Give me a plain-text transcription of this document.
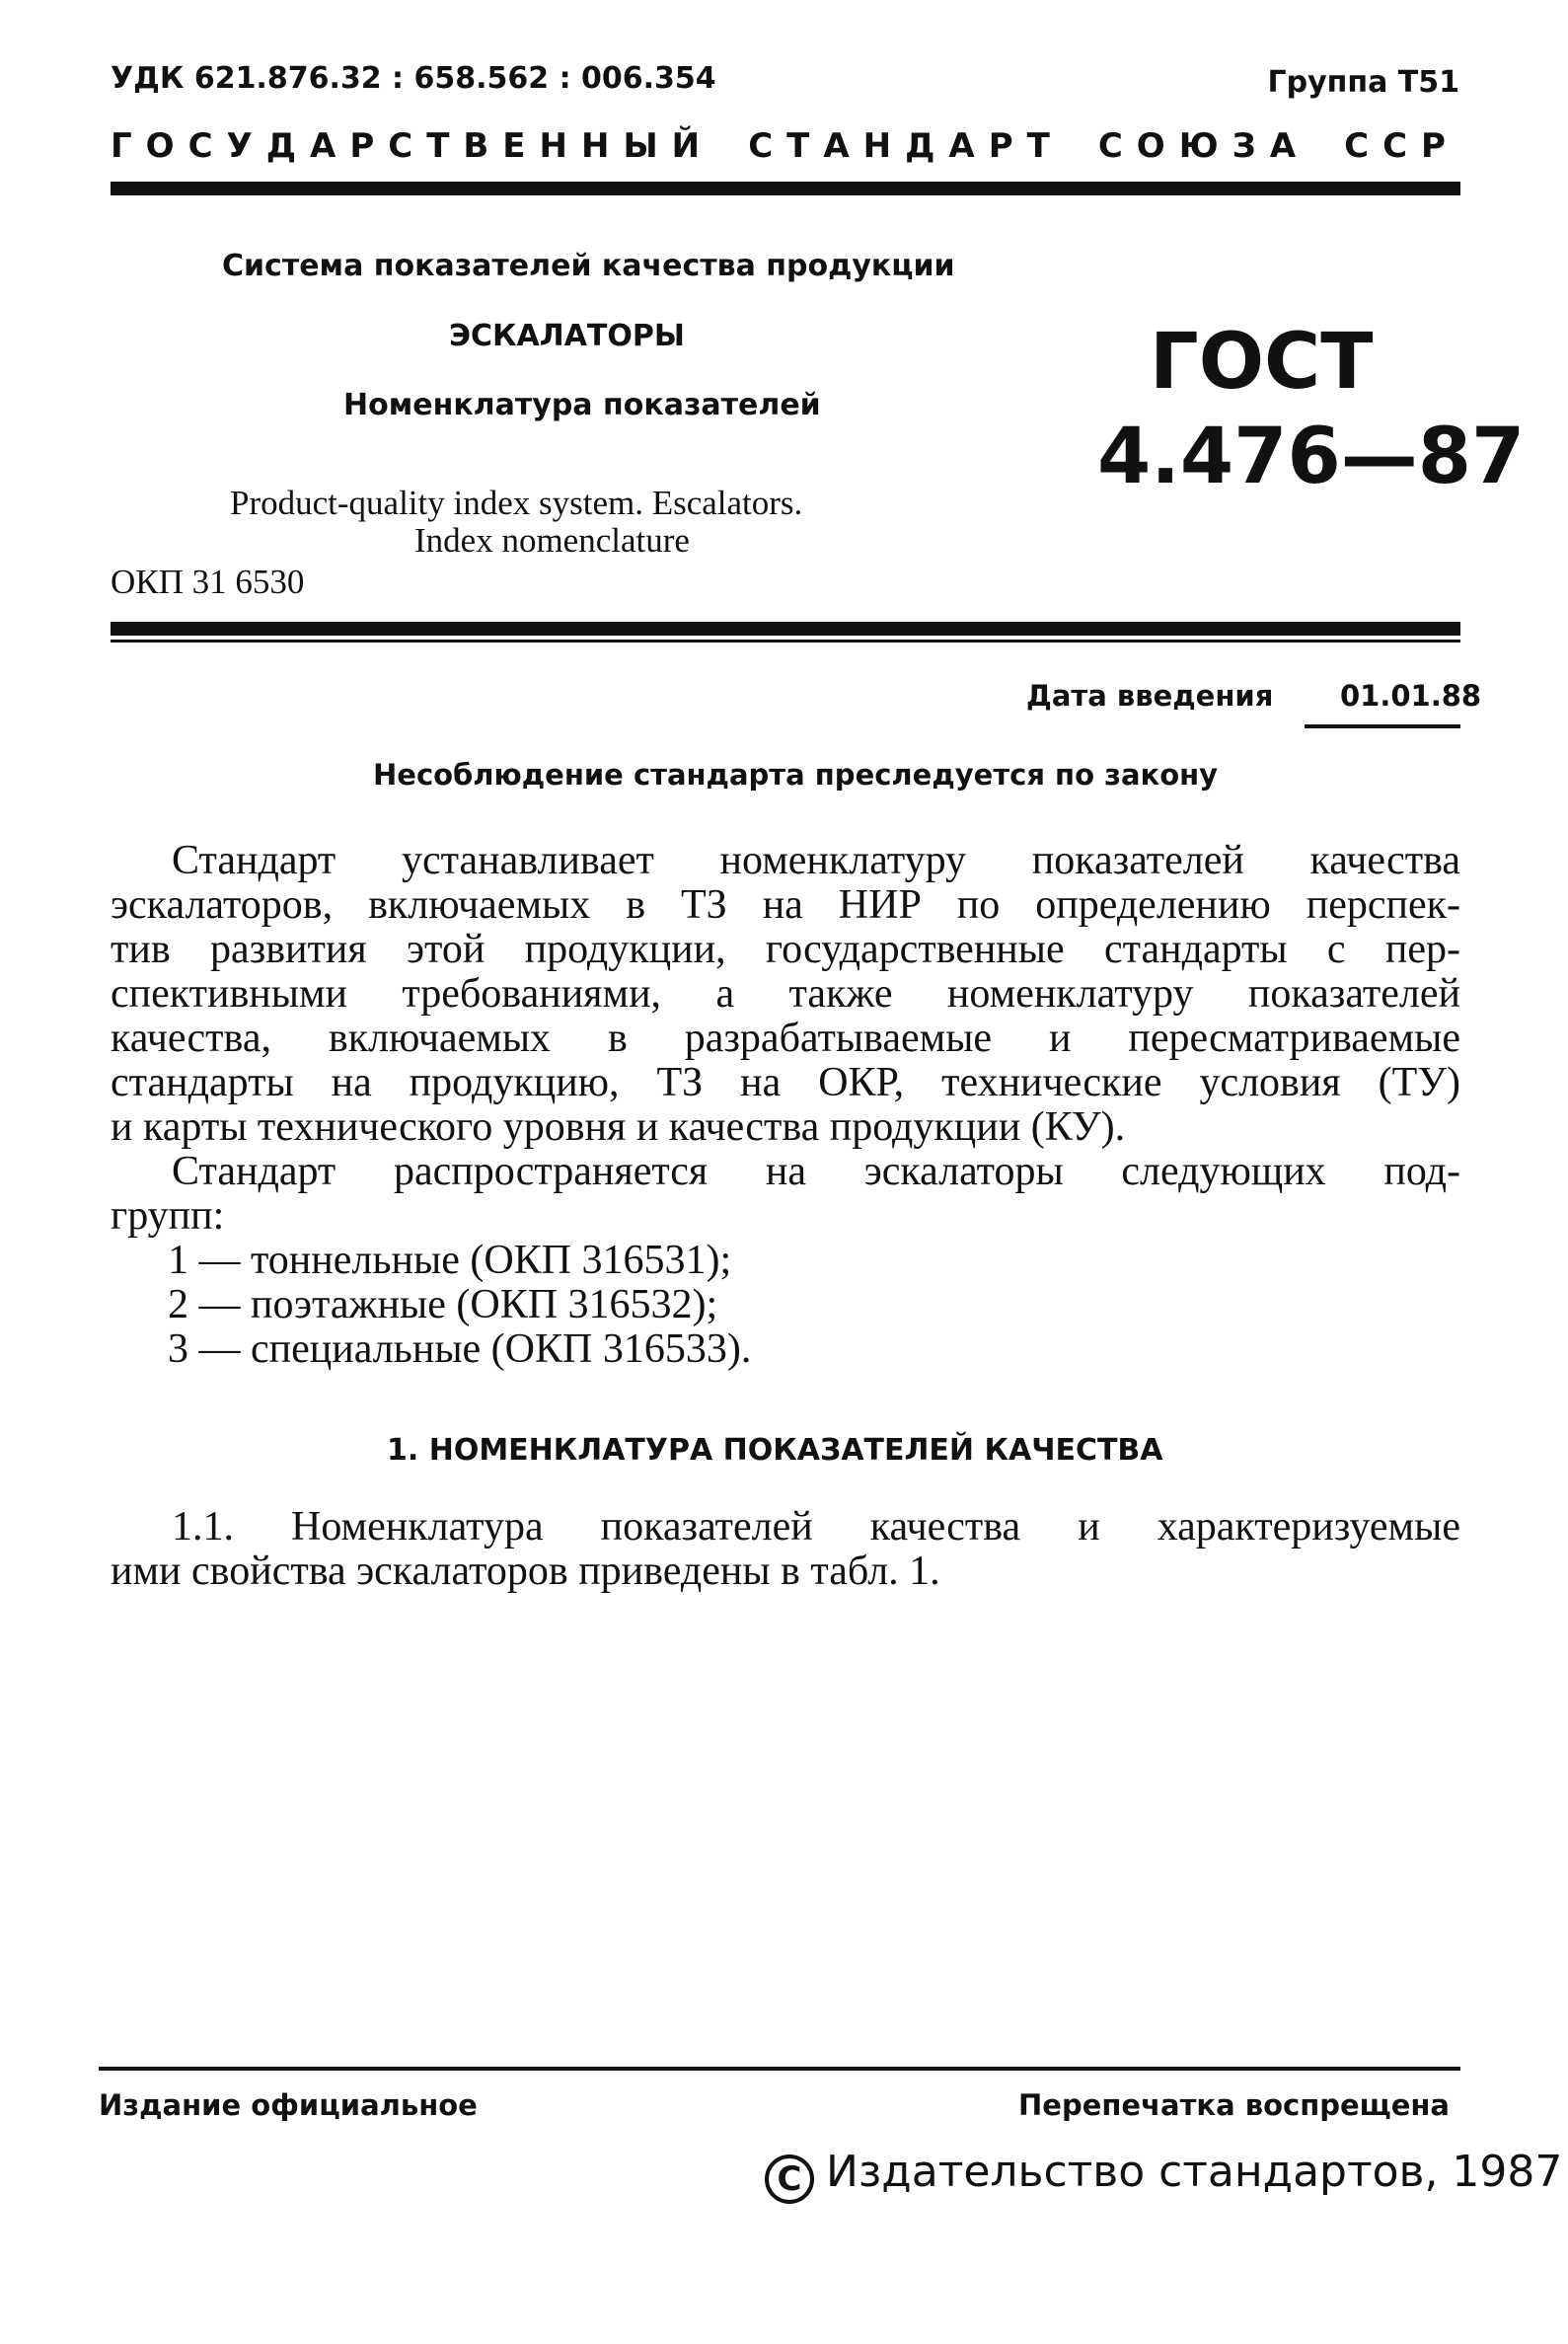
УДК 621.876.32 : 658.562 : 006.354	Группа Т51
ГОСУДАРСТВЕННЫЙ СТАНДАРТ СОЮЗА ССР
Система показателей качества продукции
ЭСКАЛАТОРЫ
Номенклатура показателей
Product-quality index system. Escalators.
Index nomenclature
ОКП 31 6530
ГОСТ
4.476—87
Дата введения 01.01.88
Несоблюдение стандарта преследуется по закону
Стандарт устанавливает номенклатуру показателей качества
эскалаторов, включаемых в ТЗ на НИР по определению перспек-
тив развития этой продукции, государственные стандарты с пер-
спективными требованиями, а также номенклатуру показателей
качества, включаемых в разрабатываемые и пересматриваемые
стандарты на продукцию, ТЗ на ОКР, технические условия (ТУ)
и карты технического уровня и качества продукции (КУ).
Стандарт распространяется на эскалаторы следующих под-
групп:
1 — тоннельные (ОКП 316531);
2 — поэтажные (ОКП 316532);
3 — специальные (ОКП 316533).
1. НОМЕНКЛАТУРА ПОКАЗАТЕЛЕЙ КАЧЕСТВА
1.1. Номенклатура показателей качества и характеризуемые
ими свойства эскалаторов приведены в табл. 1.
Издание официальное	Перепечатка воспрещена
C Издательство стандартов, 1987
